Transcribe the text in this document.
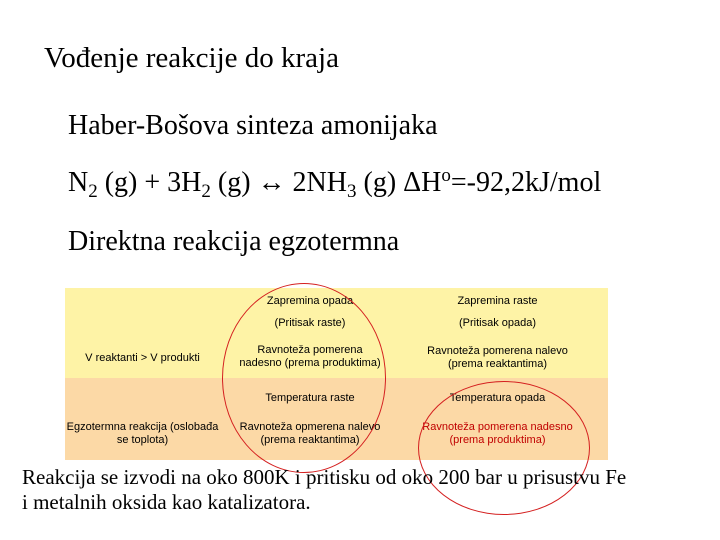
Vođenje reakcije do kraja
Haber-Bošova sinteza amonijaka
$N_2$ $(g) + 3H_2$ (g) ↔ $2NH_3$ (g) $\Delta H^o=-92,2kJ$/mol
Direktna reakcija egzotermna
Zapremina opada
(Pritisak raste)
Zapremina raste
(Pritisak opada)
V reaktanti > V produkti
Ravnoteža pomerena nadesno (prema produktima)
Ravnoteža pomerena nalevo (prema reaktantima)
Temperatura raste	Temperatura opada
Egzotermna reakcija (oslobađa se toplota)
Ravnoteža opmerena nalevo (prema reaktantima)
Ravnoteža pomerena nadesno (prema produktima)
Reakcija se izvodi na oko 800K i pritisku od oko 200 bar u prisustvu Fe
i metalnih oksida kao katalizatora.
